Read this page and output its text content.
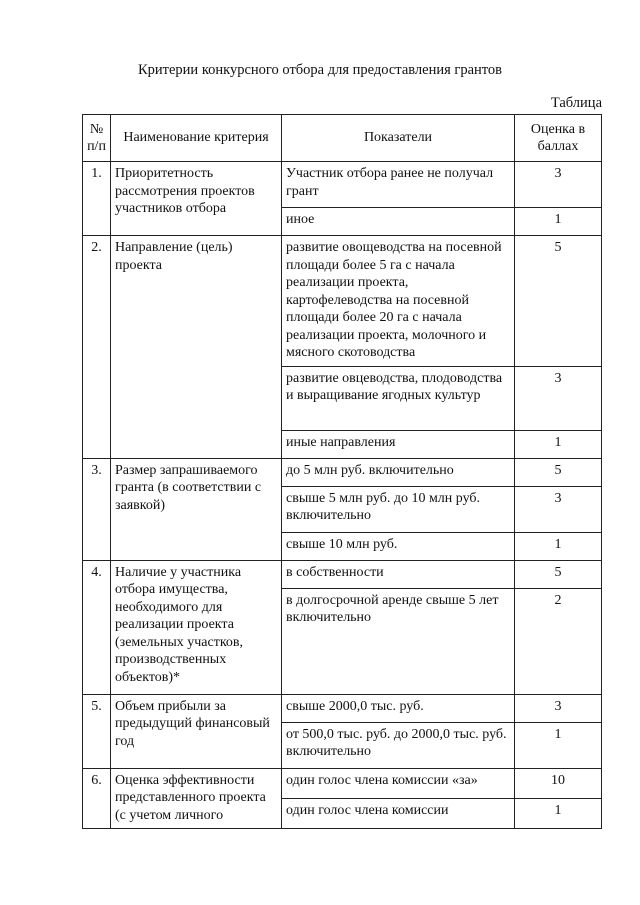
Критерии конкурсного отбора для предоставления грантов
Таблица
№ п/п	Наименование критерия	Показатели	Оценка в баллах
1.	Приоритетность рассмотрения проектов участников отбора	Участник отбора ранее не получал грант	3
		иное	1
2.	Направление (цель) проекта	развитие овощеводства на посевной площади более 5 га с начала реализации проекта, картофелеводства на посевной площади более 20 га с начала реализации проекта, молочного и мясного скотоводства	5
		развитие овцеводства, плодоводства и выращивание ягодных культур	3
		иные направления	1
3.	Размер запрашиваемого гранта (в соответствии с заявкой)	до 5 млн руб. включительно	5
		свыше 5 млн руб. до 10 млн руб. включительно	3
		свыше 10 млн руб.	1
4.	Наличие у участника отбора имущества, необходимого для реализации проекта (земельных участков, производственных объектов)*	в собственности	5
		в долгосрочной аренде свыше 5 лет включительно	2
5.	Объем прибыли за предыдущий финансовый год	свыше 2000,0 тыс. руб.	3
		от 500,0 тыс. руб. до 2000,0 тыс. руб. включительно	1
6.	Оценка эффективности представленного проекта (с учетом личного	один голос члена комиссии «за»	10
		один голос члена комиссии	1
